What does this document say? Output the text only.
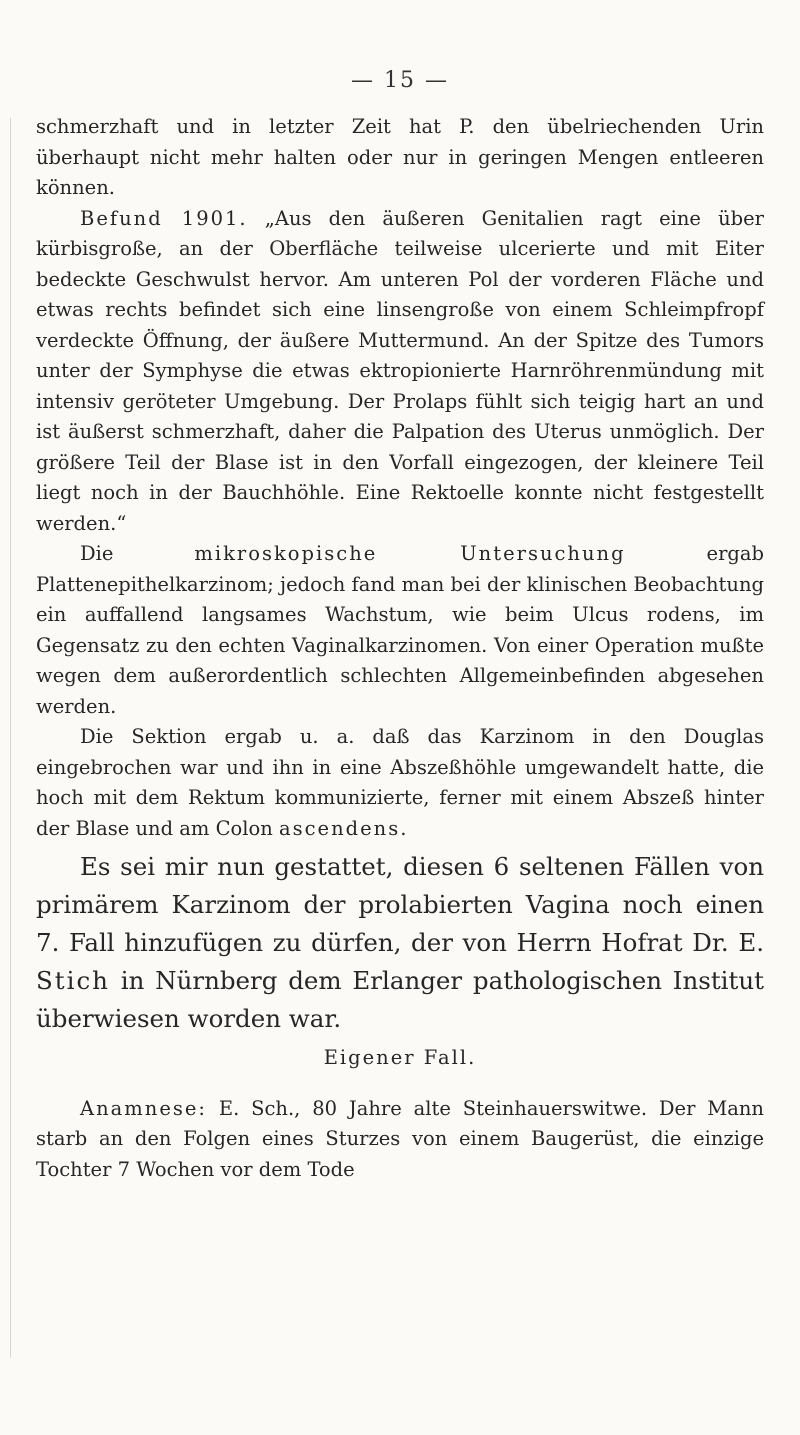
— 15 —

schmerzhaft und in letzter Zeit hat P. den übelriechenden Urin überhaupt nicht mehr halten oder nur in geringen Mengen entleeren können.

Befund 1901. „Aus den äußeren Genitalien ragt eine über kürbisgroße, an der Oberfläche teilweise ulcerierte und mit Eiter bedeckte Geschwulst hervor. Am unteren Pol der vorderen Fläche und etwas rechts befindet sich eine linsengroße von einem Schleimpfropf verdeckte Öffnung, der äußere Muttermund. An der Spitze des Tumors unter der Symphyse die etwas ektropionierte Harnröhrenmündung mit intensiv geröteter Umgebung. Der Prolaps fühlt sich teigig hart an und ist äußerst schmerzhaft, daher die Palpation des Uterus unmöglich. Der größere Teil der Blase ist in den Vorfall eingezogen, der kleinere Teil liegt noch in der Bauchhöhle. Eine Rektoelle konnte nicht festgestellt werden.“

Die mikroskopische Untersuchung ergab Plattenepithelkarzinom; jedoch fand man bei der klinischen Beobachtung ein auffallend langsames Wachstum, wie beim Ulcus rodens, im Gegensatz zu den echten Vaginalkarzinomen. Von einer Operation mußte wegen dem außerordentlich schlechten Allgemeinbefinden abgesehen werden.

Die Sektion ergab u. a. daß das Karzinom in den Douglas eingebrochen war und ihn in eine Abszeßhöhle umgewandelt hatte, die hoch mit dem Rektum kommunizierte, ferner mit einem Abszeß hinter der Blase und am Colon ascendens.

Es sei mir nun gestattet, diesen 6 seltenen Fällen von primärem Karzinom der prolabierten Vagina noch einen 7. Fall hinzufügen zu dürfen, der von Herrn Hofrat Dr. E. Stich in Nürnberg dem Erlanger pathologischen Institut überwiesen worden war.

Eigener Fall.

Anamnese: E. Sch., 80 Jahre alte Steinhauerswitwe. Der Mann starb an den Folgen eines Sturzes von einem Baugerüst, die einzige Tochter 7 Wochen vor dem Tode
